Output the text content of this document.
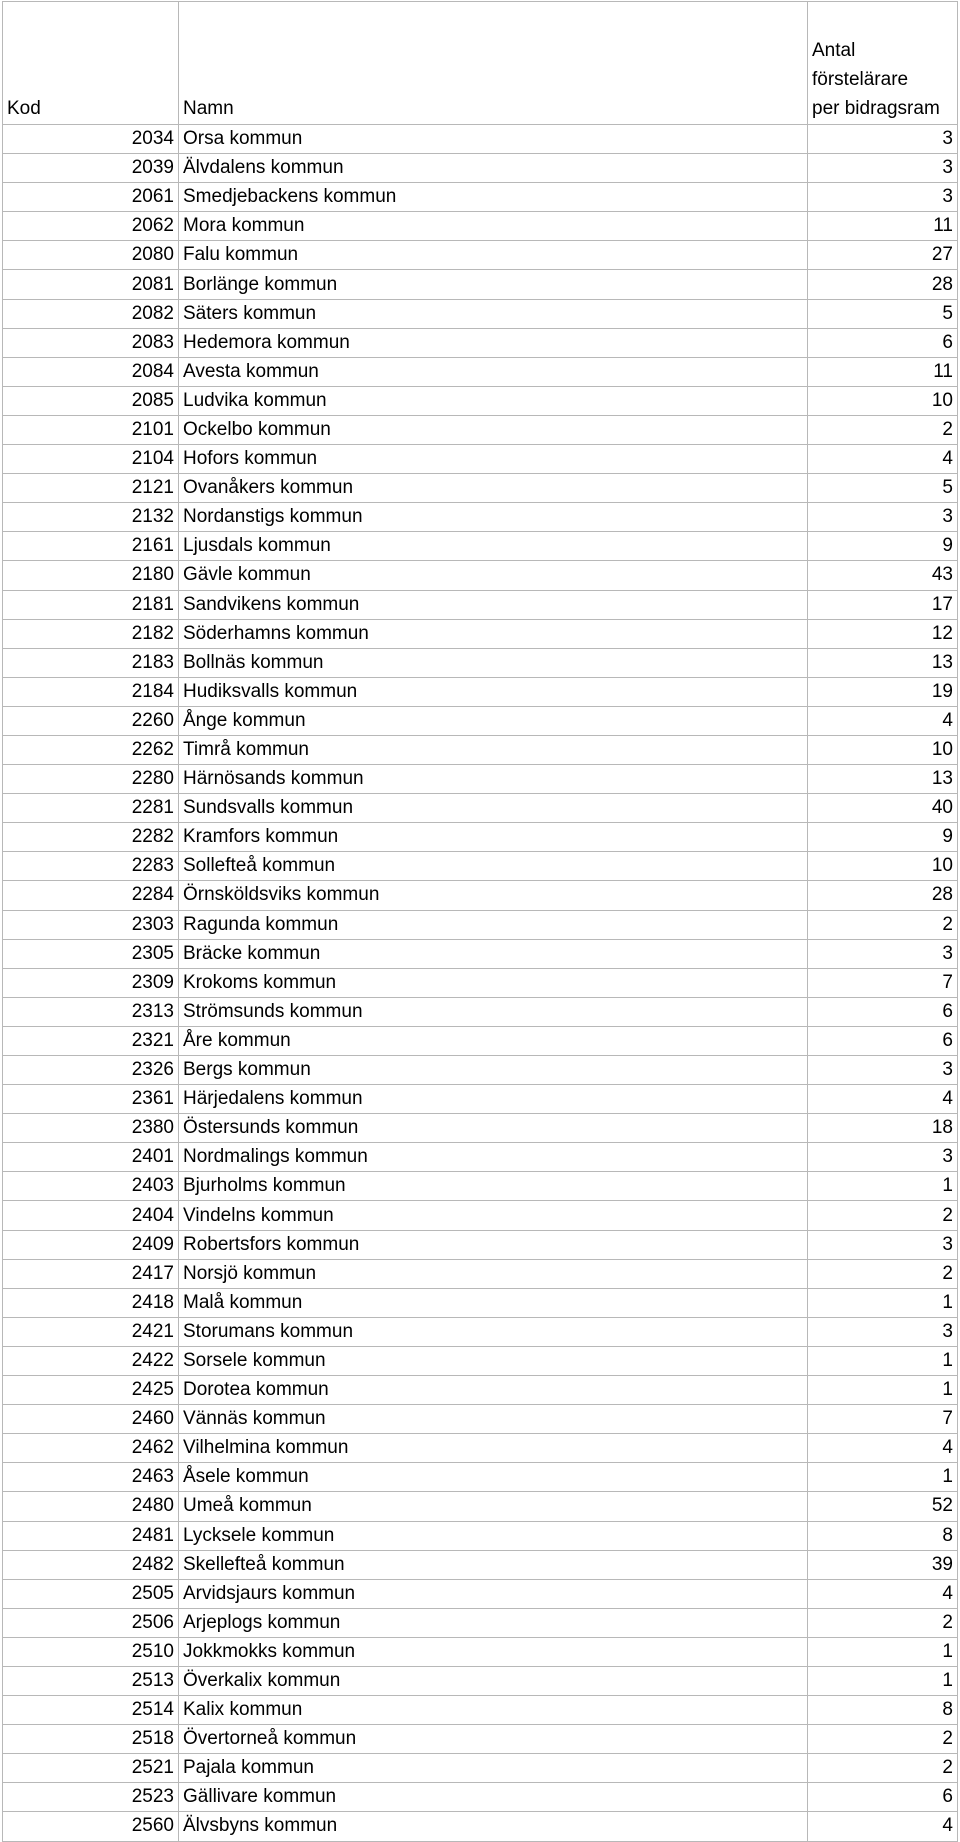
Kod	Namn	Antal
förstelärare
per bidragsram
2034	Orsa kommun	3
2039	Älvdalens kommun	3
2061	Smedjebackens kommun	3
2062	Mora kommun	11
2080	Falu kommun	27
2081	Borlänge kommun	28
2082	Säters kommun	5
2083	Hedemora kommun	6
2084	Avesta kommun	11
2085	Ludvika kommun	10
2101	Ockelbo kommun	2
2104	Hofors kommun	4
2121	Ovanåkers kommun	5
2132	Nordanstigs kommun	3
2161	Ljusdals kommun	9
2180	Gävle kommun	43
2181	Sandvikens kommun	17
2182	Söderhamns kommun	12
2183	Bollnäs kommun	13
2184	Hudiksvalls kommun	19
2260	Ånge kommun	4
2262	Timrå kommun	10
2280	Härnösands kommun	13
2281	Sundsvalls kommun	40
2282	Kramfors kommun	9
2283	Sollefteå kommun	10
2284	Örnsköldsviks kommun	28
2303	Ragunda kommun	2
2305	Bräcke kommun	3
2309	Krokoms kommun	7
2313	Strömsunds kommun	6
2321	Åre kommun	6
2326	Bergs kommun	3
2361	Härjedalens kommun	4
2380	Östersunds kommun	18
2401	Nordmalings kommun	3
2403	Bjurholms kommun	1
2404	Vindelns kommun	2
2409	Robertsfors kommun	3
2417	Norsjö kommun	2
2418	Malå kommun	1
2421	Storumans kommun	3
2422	Sorsele kommun	1
2425	Dorotea kommun	1
2460	Vännäs kommun	7
2462	Vilhelmina kommun	4
2463	Åsele kommun	1
2480	Umeå kommun	52
2481	Lycksele kommun	8
2482	Skellefteå kommun	39
2505	Arvidsjaurs kommun	4
2506	Arjeplogs kommun	2
2510	Jokkmokks kommun	1
2513	Överkalix kommun	1
2514	Kalix kommun	8
2518	Övertorneå kommun	2
2521	Pajala kommun	2
2523	Gällivare kommun	6
2560	Älvsbyns kommun	4
